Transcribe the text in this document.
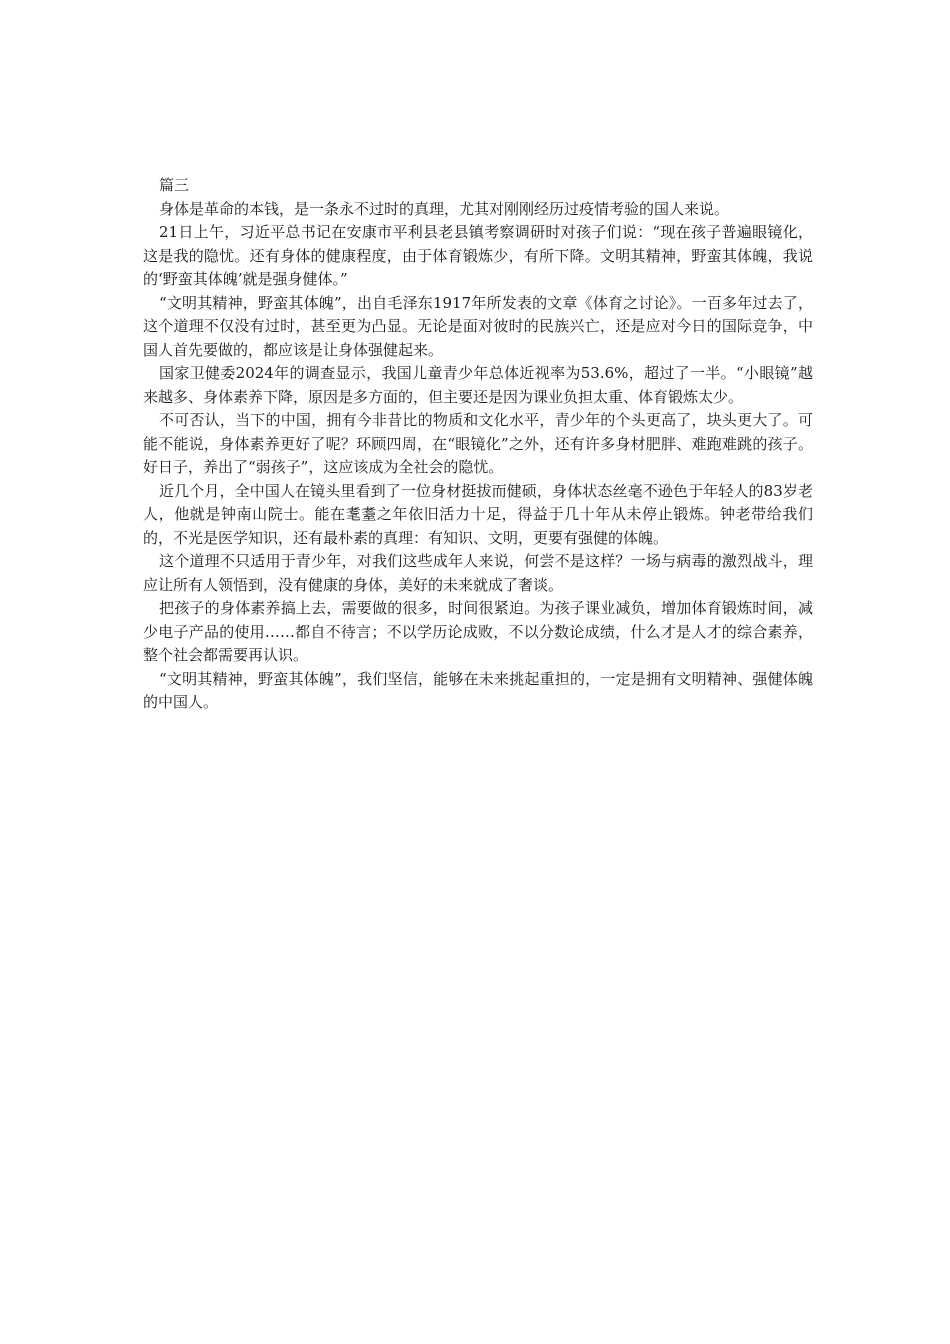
篇三

身体是革命的本钱，是一条永不过时的真理，尤其对刚刚经历过疫情考验的国人来说。

21日上午，习近平总书记在安康市平利县老县镇考察调研时对孩子们说：“现在孩子普遍眼镜化，这是我的隐忧。还有身体的健康程度，由于体育锻炼少，有所下降。文明其精神，野蛮其体魄，我说的‘野蛮其体魄’就是强身健体。”

“文明其精神，野蛮其体魄”，出自毛泽东1917年所发表的文章《体育之讨论》。一百多年过去了，这个道理不仅没有过时，甚至更为凸显。无论是面对彼时的民族兴亡，还是应对今日的国际竞争，中国人首先要做的，都应该是让身体强健起来。

国家卫健委2024年的调查显示，我国儿童青少年总体近视率为53.6%，超过了一半。“小眼镜”越来越多、身体素养下降，原因是多方面的，但主要还是因为课业负担太重、体育锻炼太少。

不可否认，当下的中国，拥有今非昔比的物质和文化水平，青少年的个头更高了，块头更大了。可能不能说，身体素养更好了呢？环顾四周，在“眼镜化”之外，还有许多身材肥胖、难跑难跳的孩子。好日子，养出了“弱孩子”，这应该成为全社会的隐忧。

近几个月，全中国人在镜头里看到了一位身材挺拔而健硕，身体状态丝毫不逊色于年轻人的83岁老人，他就是钟南山院士。能在耄耋之年依旧活力十足，得益于几十年从未停止锻炼。钟老带给我们的，不光是医学知识，还有最朴素的真理：有知识、文明，更要有强健的体魄。

这个道理不只适用于青少年，对我们这些成年人来说，何尝不是这样？一场与病毒的激烈战斗，理应让所有人领悟到，没有健康的身体，美好的未来就成了奢谈。

把孩子的身体素养搞上去，需要做的很多，时间很紧迫。为孩子课业减负，增加体育锻炼时间，减少电子产品的使用……都自不待言；不以学历论成败，不以分数论成绩，什么才是人才的综合素养，整个社会都需要再认识。

“文明其精神，野蛮其体魄”，我们坚信，能够在未来挑起重担的，一定是拥有文明精神、强健体魄的中国人。
